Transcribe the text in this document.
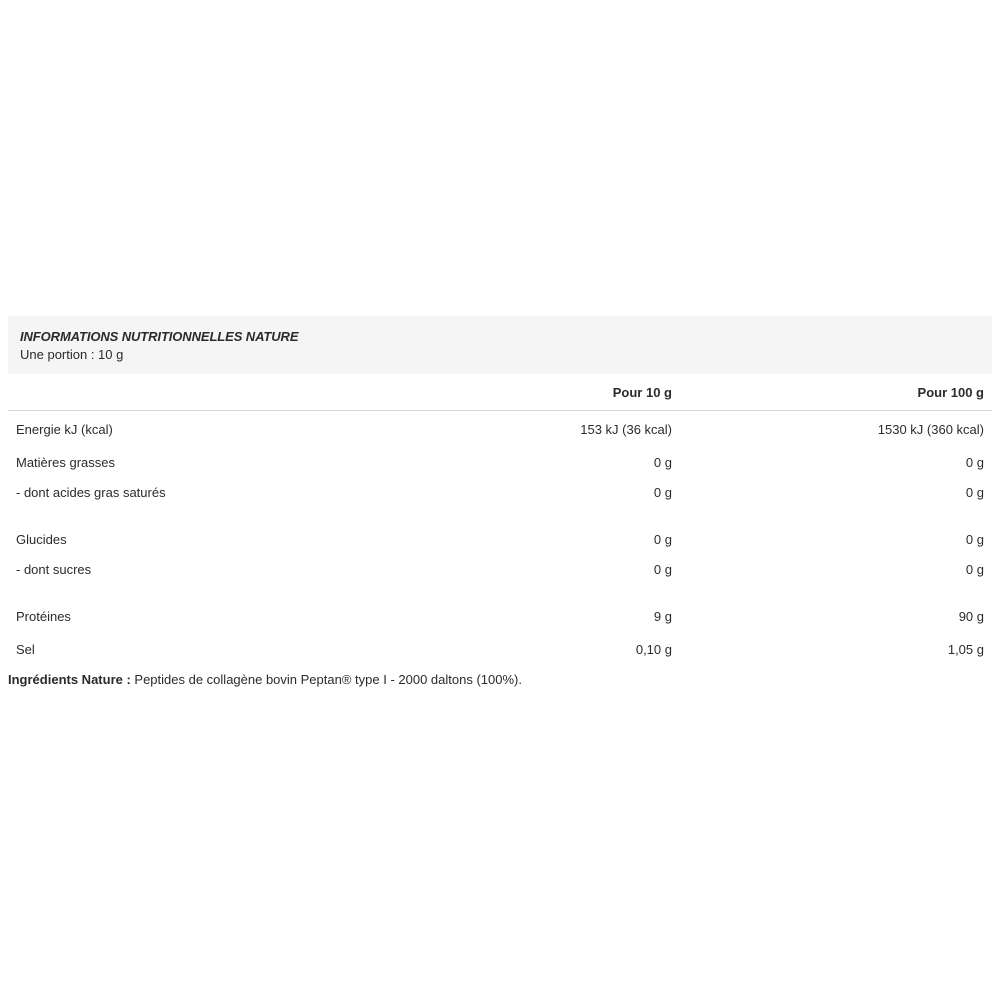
INFORMATIONS NUTRITIONNELLES NATURE
Une portion : 10 g
	Pour 10 g	Pour 100 g
Energie kJ (kcal)	153 kJ (36 kcal)	1530 kJ (360 kcal)
Matières grasses	0 g	0 g
- dont acides gras saturés	0 g	0 g

Glucides	0 g	0 g
- dont sucres	0 g	0 g

Protéines	9 g	90 g
Sel	0,10 g	1,05 g
Ingrédients Nature : Peptides de collagène bovin Peptan® type I - 2000 daltons (100%).
